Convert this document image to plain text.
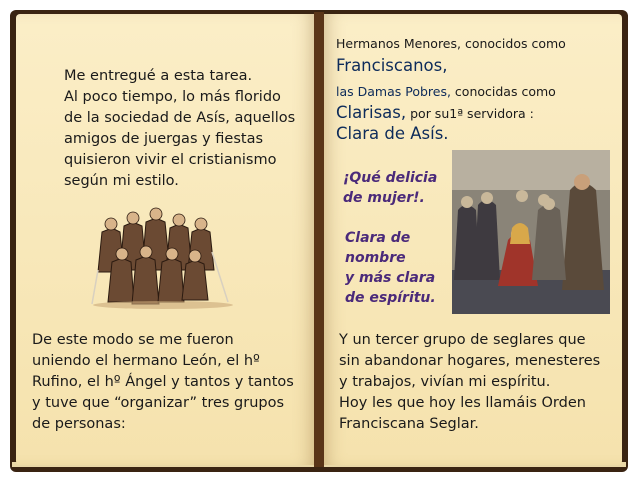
Me entregué a esta tarea.
Al poco tiempo, lo más florido
de la sociedad de Asís, aquellos
amigos de juergas y fiestas
quisieron vivir el cristianismo
según mi estilo.
De este modo se me fueron
uniendo el hermano León, el hº
Rufino, el hº Ángel y tantos y tantos
y tuve que “organizar” tres grupos
de personas:
Hermanos Menores, conocidos como
Franciscanos,
las Damas Pobres, conocidas como
Clarisas, por su1ª servidora :
Clara de Asís.
¡Qué delicia
de mujer!.
Clara de
nombre
y más clara
de espíritu.
Y un tercer grupo de seglares que
sin abandonar hogares, menesteres
y trabajos, vivían mi espíritu.
Hoy les que hoy les llamáis Orden
Franciscana Seglar.
